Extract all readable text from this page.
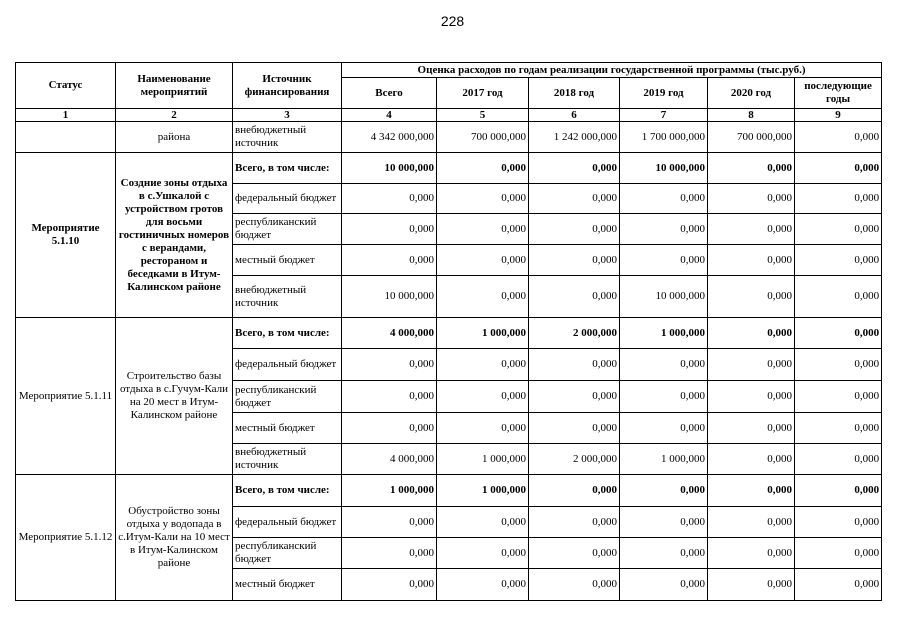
228
Статус	Наименование мероприятий	Источник финансирования	Оценка расходов по годам реализации государственной программы (тыс.руб.)					
			Всего	2017 год	2018 год	2019 год	2020 год	последующие годы
1	2	3	4	5	6	7	8	9
	района	внебюджетный источник	4 342 000,000	700 000,000	1 242 000,000	1 700 000,000	700 000,000	0,000
Мероприятие 5.1.10	Создние зоны отдыха в с.Ушкалой с устройством гротов для восьми гостиничных номеров с верандами, рестораном и беседками в Итум-Калинском районе	Всего, в том числе:	10 000,000	0,000	0,000	10 000,000	0,000	0,000
		федеральный бюджет	0,000	0,000	0,000	0,000	0,000	0,000
		республиканский бюджет	0,000	0,000	0,000	0,000	0,000	0,000
		местный бюджет	0,000	0,000	0,000	0,000	0,000	0,000
		внебюджетный источник	10 000,000	0,000	0,000	10 000,000	0,000	0,000
Мероприятие 5.1.11	Строительство базы отдыха в с.Гучум-Кали на 20 мест в Итум-Калинском районе	Всего, в том числе:	4 000,000	1 000,000	2 000,000	1 000,000	0,000	0,000
		федеральный бюджет	0,000	0,000	0,000	0,000	0,000	0,000
		республиканский бюджет	0,000	0,000	0,000	0,000	0,000	0,000
		местный бюджет	0,000	0,000	0,000	0,000	0,000	0,000
		внебюджетный источник	4 000,000	1 000,000	2 000,000	1 000,000	0,000	0,000
Мероприятие 5.1.12	Обустройство зоны отдыха у водопада в с.Итум-Кали на 10 мест в Итум-Калинском районе	Всего, в том числе:	1 000,000	1 000,000	0,000	0,000	0,000	0,000
		федеральный бюджет	0,000	0,000	0,000	0,000	0,000	0,000
		республиканский бюджет	0,000	0,000	0,000	0,000	0,000	0,000
		местный бюджет	0,000	0,000	0,000	0,000	0,000	0,000
